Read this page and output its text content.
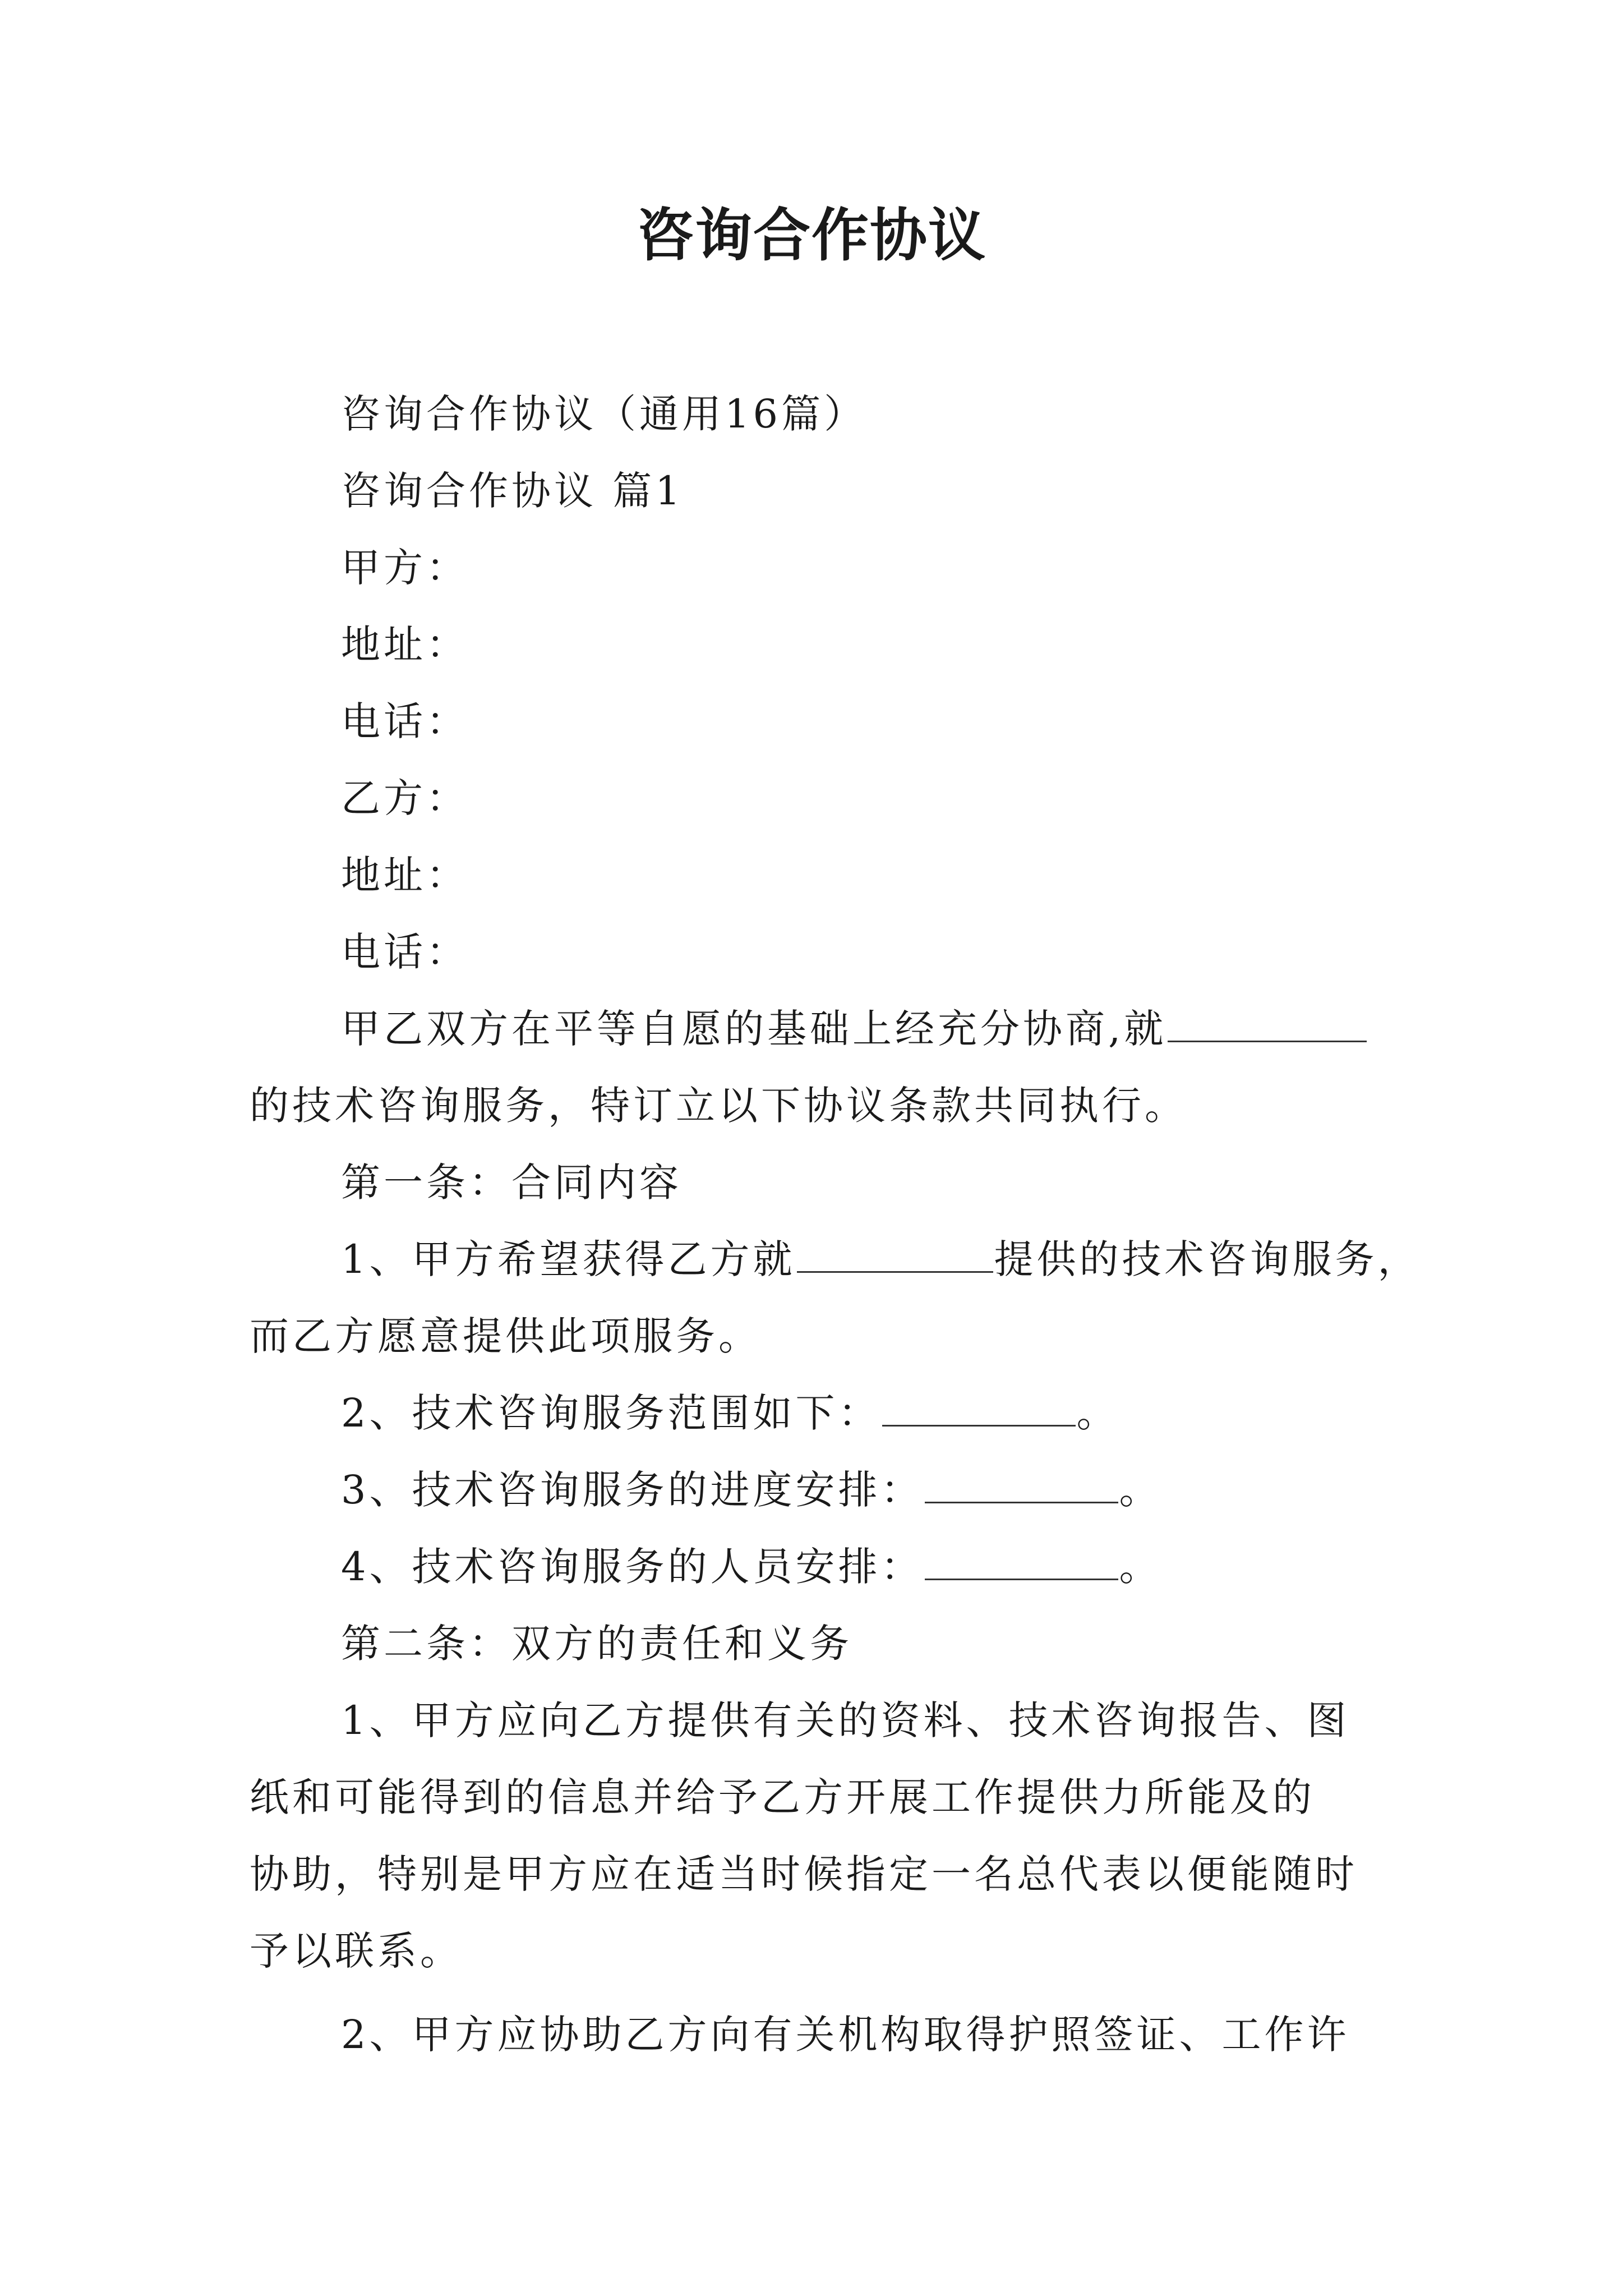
咨询合作协议

咨询合作协议（通用16篇）

咨询合作协议 篇1

甲方：

地址：

电话：

乙方：

地址：

电话：

甲乙双方在平等自愿的基础上经充分协商,就

的技术咨询服务，特订立以下协议条款共同执行。

第一条：合同内容

1、甲方希望获得乙方就	提供的技术咨询服务，

而乙方愿意提供此项服务。

2、技术咨询服务范围如下：	。

3、技术咨询服务的进度安排：	。

4、技术咨询服务的人员安排：	。

第二条：双方的责任和义务

1、甲方应向乙方提供有关的资料、技术咨询报告、图

纸和可能得到的信息并给予乙方开展工作提供力所能及的

协助，特别是甲方应在适当时候指定一名总代表以便能随时

予以联系。

2、甲方应协助乙方向有关机构取得护照签证、工作许
